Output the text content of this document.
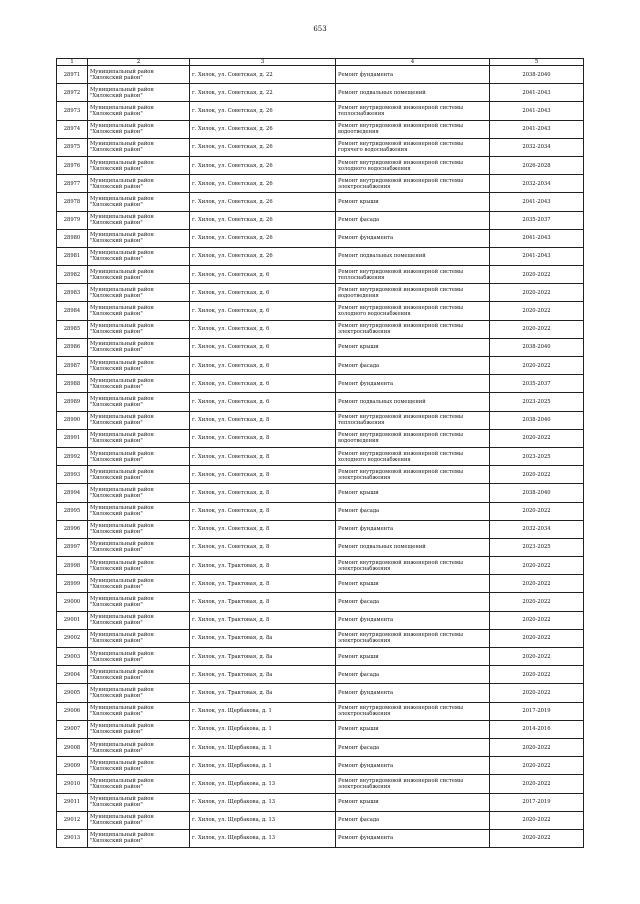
653
1	2	3	4	5
28971	Муниципальный район "Хилокский район"	г. Хилок, ул. Советская, д. 22	Ремонт фундамента	2038-2040
28972	Муниципальный район "Хилокский район"	г. Хилок, ул. Советская, д. 22	Ремонт подвальных помещений	2041-2043
28973	Муниципальный район "Хилокский район"	г. Хилок, ул. Советская, д. 26	Ремонт внутридомовой инженерной системы теплоснабжения	2041-2043
28974	Муниципальный район "Хилокский район"	г. Хилок, ул. Советская, д. 26	Ремонт внутридомовой инженерной системы водоотведения	2041-2043
28975	Муниципальный район "Хилокский район"	г. Хилок, ул. Советская, д. 26	Ремонт внутридомовой инженерной системы горячего водоснабжения	2032-2034
28976	Муниципальный район "Хилокский район"	г. Хилок, ул. Советская, д. 26	Ремонт внутридомовой инженерной системы холодного водоснабжения	2026-2028
28977	Муниципальный район "Хилокский район"	г. Хилок, ул. Советская, д. 26	Ремонт внутридомовой инженерной системы электроснабжения	2032-2034
28978	Муниципальный район "Хилокский район"	г. Хилок, ул. Советская, д. 26	Ремонт крыши	2041-2043
28979	Муниципальный район "Хилокский район"	г. Хилок, ул. Советская, д. 26	Ремонт фасада	2035-2037
28980	Муниципальный район "Хилокский район"	г. Хилок, ул. Советская, д. 26	Ремонт фундамента	2041-2043
28981	Муниципальный район "Хилокский район"	г. Хилок, ул. Советская, д. 26	Ремонт подвальных помещений	2041-2043
28982	Муниципальный район "Хилокский район"	г. Хилок, ул. Советская, д. 6	Ремонт внутридомовой инженерной системы теплоснабжения	2020-2022
28983	Муниципальный район "Хилокский район"	г. Хилок, ул. Советская, д. 6	Ремонт внутридомовой инженерной системы водоотведения	2020-2022
28984	Муниципальный район "Хилокский район"	г. Хилок, ул. Советская, д. 6	Ремонт внутридомовой инженерной системы холодного водоснабжения	2020-2022
28985	Муниципальный район "Хилокский район"	г. Хилок, ул. Советская, д. 6	Ремонт внутридомовой инженерной системы электроснабжения	2020-2022
28986	Муниципальный район "Хилокский район"	г. Хилок, ул. Советская, д. 6	Ремонт крыши	2038-2040
28987	Муниципальный район "Хилокский район"	г. Хилок, ул. Советская, д. 6	Ремонт фасада	2020-2022
28988	Муниципальный район "Хилокский район"	г. Хилок, ул. Советская, д. 6	Ремонт фундамента	2035-2037
28989	Муниципальный район "Хилокский район"	г. Хилок, ул. Советская, д. 6	Ремонт подвальных помещений	2023-2025
28990	Муниципальный район "Хилокский район"	г. Хилок, ул. Советская, д. 8	Ремонт внутридомовой инженерной системы теплоснабжения	2038-2040
28991	Муниципальный район "Хилокский район"	г. Хилок, ул. Советская, д. 8	Ремонт внутридомовой инженерной системы водоотведения	2020-2022
28992	Муниципальный район "Хилокский район"	г. Хилок, ул. Советская, д. 8	Ремонт внутридомовой инженерной системы холодного водоснабжения	2023-2025
28993	Муниципальный район "Хилокский район"	г. Хилок, ул. Советская, д. 8	Ремонт внутридомовой инженерной системы электроснабжения	2020-2022
28994	Муниципальный район "Хилокский район"	г. Хилок, ул. Советская, д. 8	Ремонт крыши	2038-2040
28995	Муниципальный район "Хилокский район"	г. Хилок, ул. Советская, д. 8	Ремонт фасада	2020-2022
28996	Муниципальный район "Хилокский район"	г. Хилок, ул. Советская, д. 8	Ремонт фундамента	2032-2034
28997	Муниципальный район "Хилокский район"	г. Хилок, ул. Советская, д. 8	Ремонт подвальных помещений	2023-2025
28998	Муниципальный район "Хилокский район"	г. Хилок, ул. Трактовая, д. 8	Ремонт внутридомовой инженерной системы электроснабжения	2020-2022
28999	Муниципальный район "Хилокский район"	г. Хилок, ул. Трактовая, д. 8	Ремонт крыши	2020-2022
29000	Муниципальный район "Хилокский район"	г. Хилок, ул. Трактовая, д. 8	Ремонт фасада	2020-2022
29001	Муниципальный район "Хилокский район"	г. Хилок, ул. Трактовая, д. 8	Ремонт фундамента	2020-2022
29002	Муниципальный район "Хилокский район"	г. Хилок, ул. Трактовая, д. 8а	Ремонт внутридомовой инженерной системы электроснабжения	2020-2022
29003	Муниципальный район "Хилокский район"	г. Хилок, ул. Трактовая, д. 8а	Ремонт крыши	2020-2022
29004	Муниципальный район "Хилокский район"	г. Хилок, ул. Трактовая, д. 8а	Ремонт фасада	2020-2022
29005	Муниципальный район "Хилокский район"	г. Хилок, ул. Трактовая, д. 8а	Ремонт фундамента	2020-2022
29006	Муниципальный район "Хилокский район"	г. Хилок, ул. Щербакова, д. 1	Ремонт внутридомовой инженерной системы электроснабжения	2017-2019
29007	Муниципальный район "Хилокский район"	г. Хилок, ул. Щербакова, д. 1	Ремонт крыши	2014-2016
29008	Муниципальный район "Хилокский район"	г. Хилок, ул. Щербакова, д. 1	Ремонт фасада	2020-2022
29009	Муниципальный район "Хилокский район"	г. Хилок, ул. Щербакова, д. 1	Ремонт фундамента	2020-2022
29010	Муниципальный район "Хилокский район"	г. Хилок, ул. Щербакова, д. 13	Ремонт внутридомовой инженерной системы электроснабжения	2020-2022
29011	Муниципальный район "Хилокский район"	г. Хилок, ул. Щербакова, д. 13	Ремонт крыши	2017-2019
29012	Муниципальный район "Хилокский район"	г. Хилок, ул. Щербакова, д. 13	Ремонт фасада	2020-2022
29013	Муниципальный район "Хилокский район"	г. Хилок, ул. Щербакова, д. 13	Ремонт фундамента	2020-2022
